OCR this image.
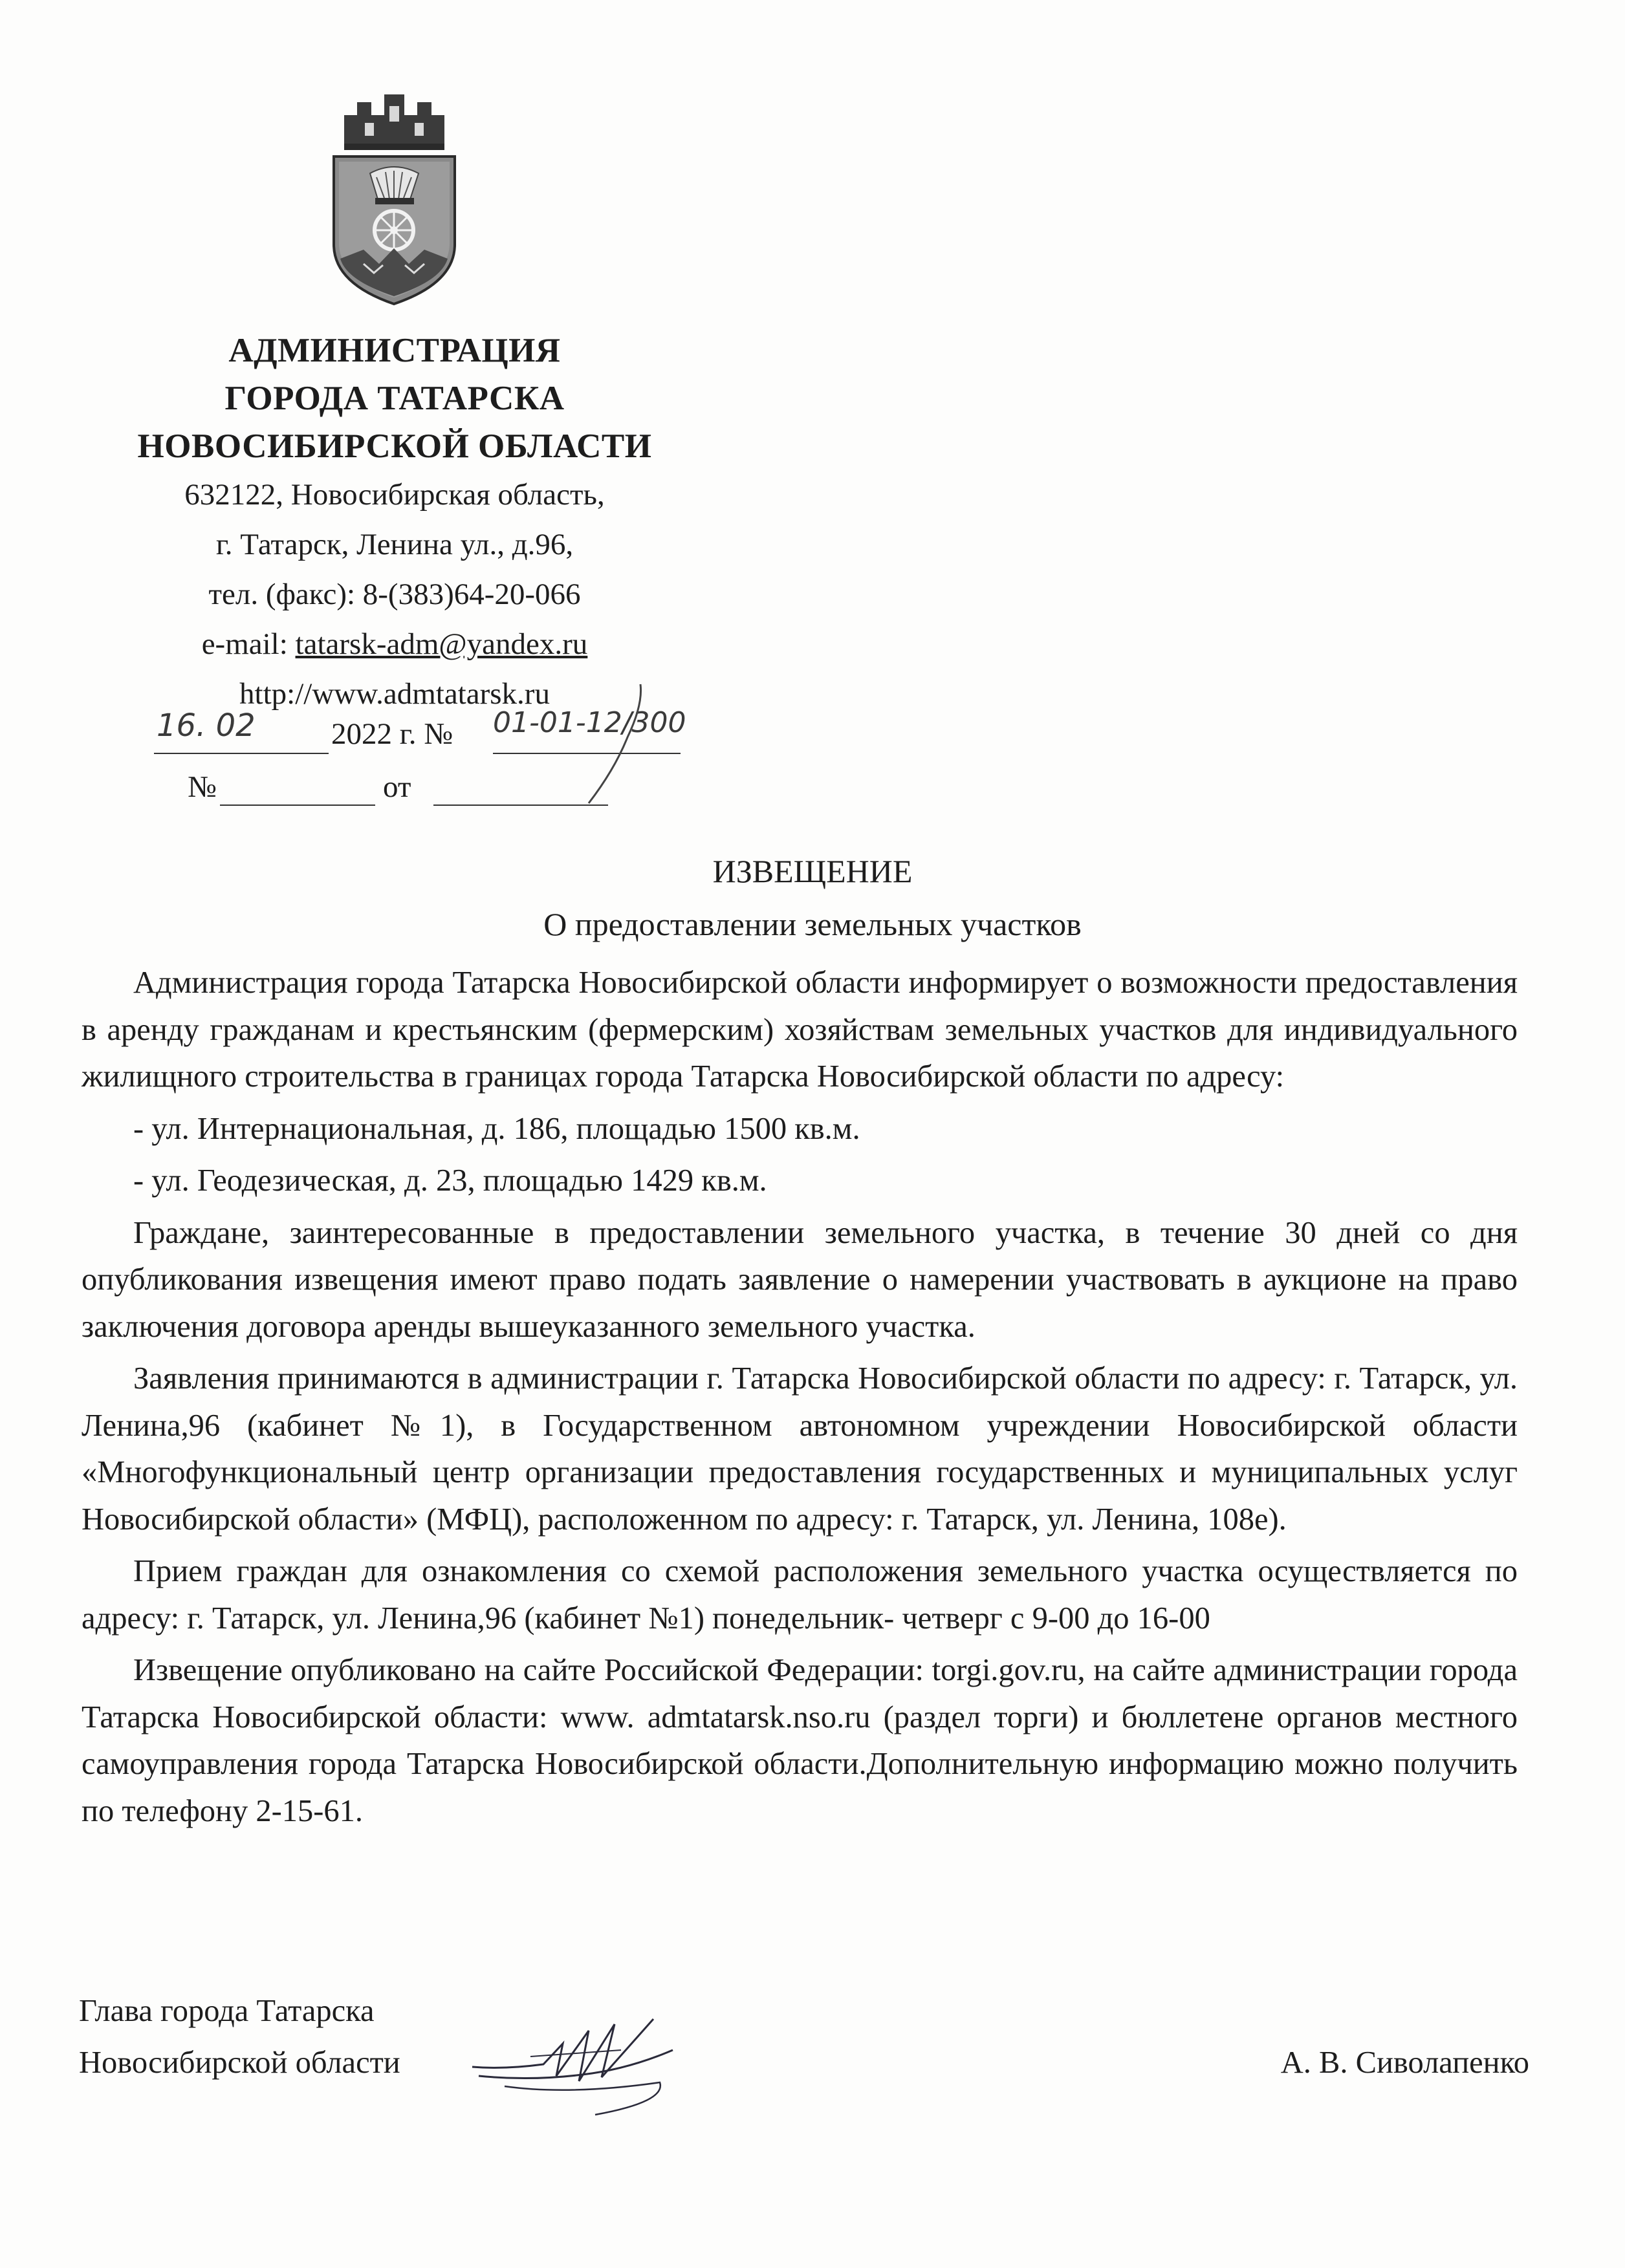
АДМИНИСТРАЦИЯ
ГОРОДА ТАТАРСКА
НОВОСИБИРСКОЙ ОБЛАСТИ
632122, Новосибирская область,
г. Татарск, Ленина ул., д.96,
тел. (факс): 8-(383)64-20-066
e-mail: tatarsk-adm@yandex.ru
http://www.admtatarsk.ru
16. 02 2022 г. № 01-01-12/300
№	от
ИЗВЕЩЕНИЕ
О предоставлении земельных участков

Администрация города Татарска Новосибирской области информирует о возможности предоставления в аренду гражданам и крестьянским (фермерским) хозяйствам земельных участков для индивидуального жилищного строительства в границах города Татарска Новосибирской области по адресу:

- ул. Интернациональная, д. 186, площадью 1500 кв.м.

- ул. Геодезическая, д. 23, площадью 1429 кв.м.

Граждане, заинтересованные в предоставлении земельного участка, в течение 30 дней со дня опубликования извещения имеют право подать заявление о намерении участвовать в аукционе на право заключения договора аренды вышеуказанного земельного участка.

Заявления принимаются в администрации г. Татарска Новосибирской области по адресу: г. Татарск, ул. Ленина,96 (кабинет №1), в Государственном автономном учреждении Новосибирской области «Многофункциональный центр организации предоставления государственных и муниципальных услуг Новосибирской области» (МФЦ), расположенном по адресу: г. Татарск, ул. Ленина, 108е).

Прием граждан для ознакомления со схемой расположения земельного участка осуществляется по адресу: г. Татарск, ул. Ленина,96 (кабинет №1) понедельник- четверг с 9-00 до 16-00

Извещение опубликовано на сайте Российской Федерации: torgi.gov.ru, на сайте администрации города Татарска Новосибирской области: www. admtatarsk.nso.ru (раздел торги) и бюллетене органов местного самоуправления города Татарска Новосибирской области.Дополнительную информацию можно получить по телефону 2-15-61.

Глава города Татарска
Новосибирской области	А. В. Сиволапенко
